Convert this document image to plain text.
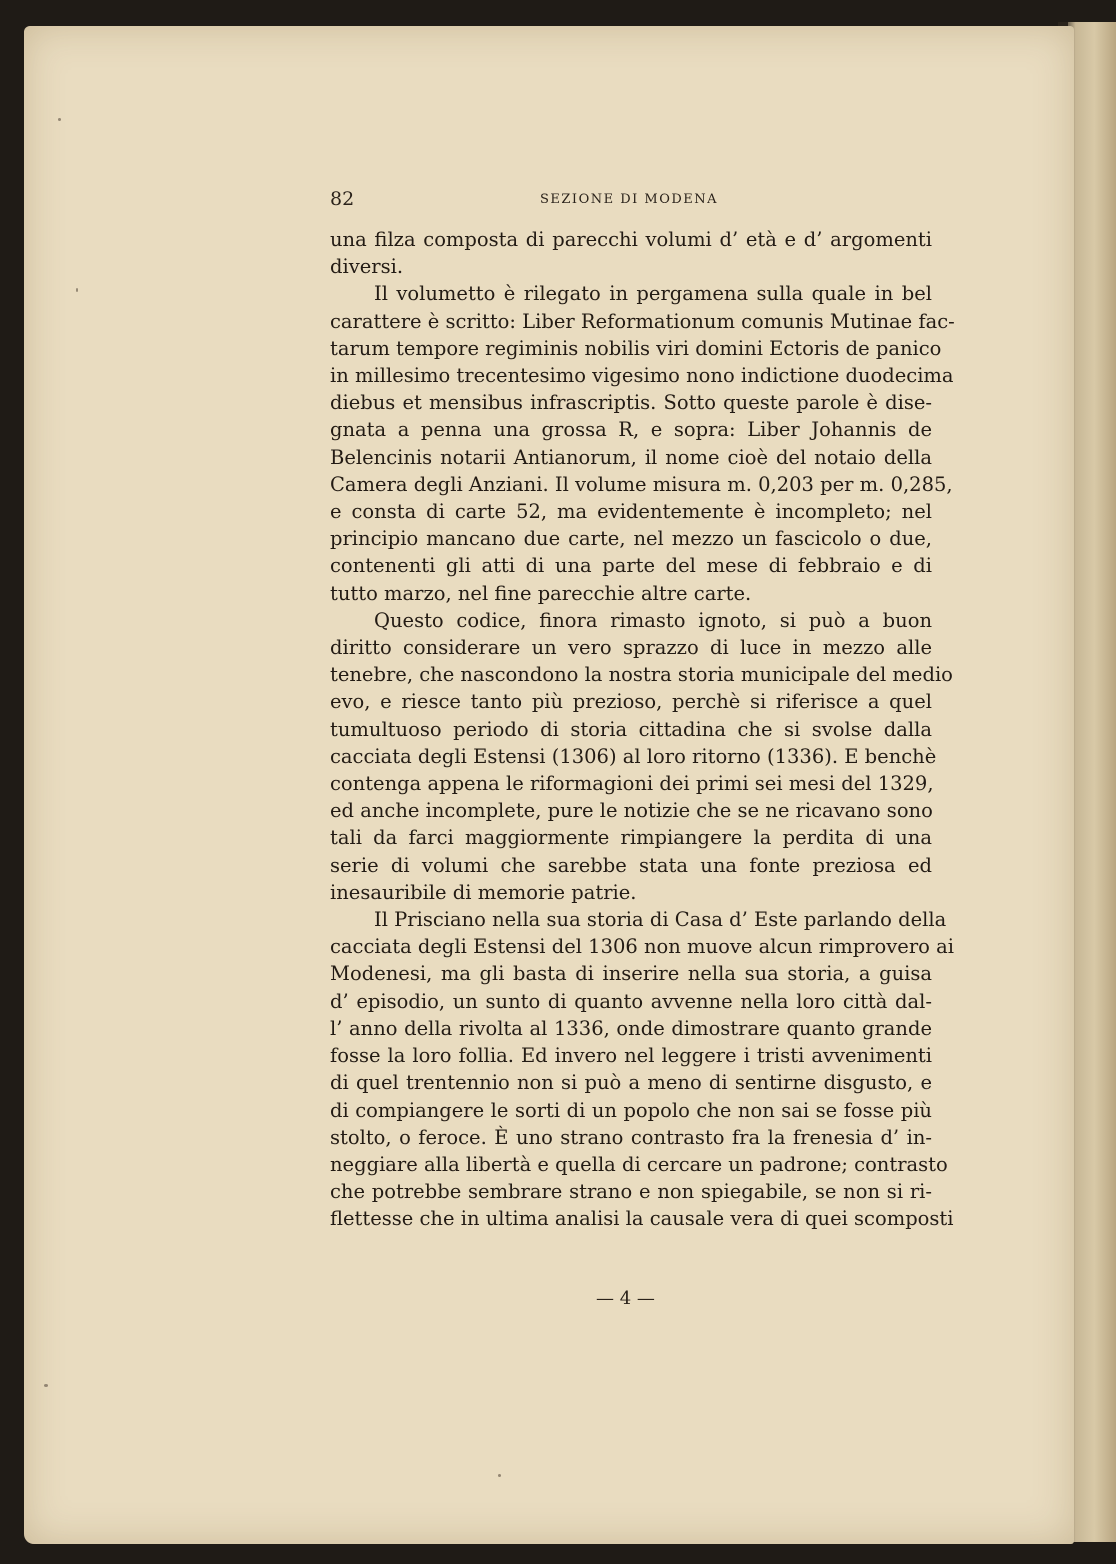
82	SEZIONE DI MODENA

una filza composta di parecchi volumi d’ età e d’ argomenti
diversi.

Il volumetto è rilegato in pergamena sulla quale in bel
carattere è scritto: Liber Reformationum comunis Mutinae fac-
tarum tempore regiminis nobilis viri domini Ectoris de panico
in millesimo trecentesimo vigesimo nono indictione duodecima
diebus et mensibus infrascriptis. Sotto queste parole è dise-
gnata a penna una grossa R, e sopra: Liber Johannis de
Belencinis notarii Antianorum, il nome cioè del notaio della
Camera degli Anziani. Il volume misura m. 0,203 per m. 0,285,
e consta di carte 52, ma evidentemente è incompleto; nel
principio mancano due carte, nel mezzo un fascicolo o due,
contenenti gli atti di una parte del mese di febbraio e di
tutto marzo, nel fine parecchie altre carte.

Questo codice, finora rimasto ignoto, si può a buon
diritto considerare un vero sprazzo di luce in mezzo alle
tenebre, che nascondono la nostra storia municipale del medio
evo, e riesce tanto più prezioso, perchè si riferisce a quel
tumultuoso periodo di storia cittadina che si svolse dalla
cacciata degli Estensi (1306) al loro ritorno (1336). E benchè
contenga appena le riformagioni dei primi sei mesi del 1329,
ed anche incomplete, pure le notizie che se ne ricavano sono
tali da farci maggiormente rimpiangere la perdita di una
serie di volumi che sarebbe stata una fonte preziosa ed
inesauribile di memorie patrie.

Il Prisciano nella sua storia di Casa d’ Este parlando della
cacciata degli Estensi del 1306 non muove alcun rimprovero ai
Modenesi, ma gli basta di inserire nella sua storia, a guisa
d’ episodio, un sunto di quanto avvenne nella loro città dal-
l’ anno della rivolta al 1336, onde dimostrare quanto grande
fosse la loro follia. Ed invero nel leggere i tristi avvenimenti
di quel trentennio non si può a meno di sentirne disgusto, e
di compiangere le sorti di un popolo che non sai se fosse più
stolto, o feroce. È uno strano contrasto fra la frenesia d’ in-
neggiare alla libertà e quella di cercare un padrone; contrasto
che potrebbe sembrare strano e non spiegabile, se non si ri-
flettesse che in ultima analisi la causale vera di quei scomposti

— 4 —
